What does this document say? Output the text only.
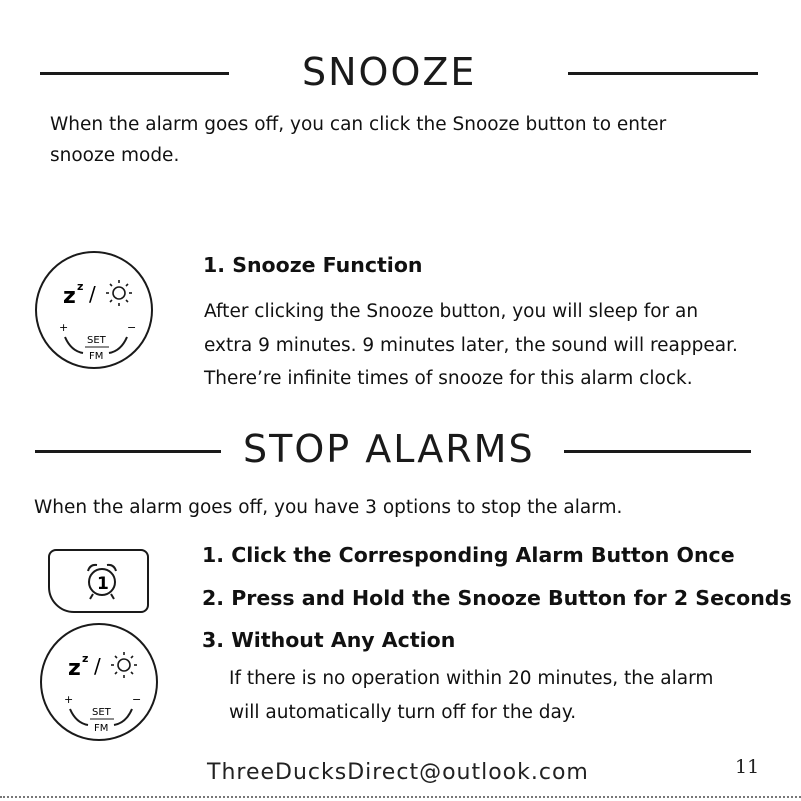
SNOOZE
When the alarm goes off, you can click the Snooze button to enter
snooze mode.
z z /
+	−
SET
FM
1. Snooze Function
After clicking the Snooze button, you will sleep for an
extra 9 minutes. 9 minutes later, the sound will reappear.
There’re infinite times of snooze for this alarm clock.
STOP ALARMS
When the alarm goes off, you have 3 options to stop the alarm.
1
z z /
+	−
SET
FM
1. Click the Corresponding Alarm Button Once
2. Press and Hold the Snooze Button for 2 Seconds
3. Without Any Action
If there is no operation within 20 minutes, the alarm
will automatically turn off for the day.
ThreeDucksDirect@outlook.com	11
